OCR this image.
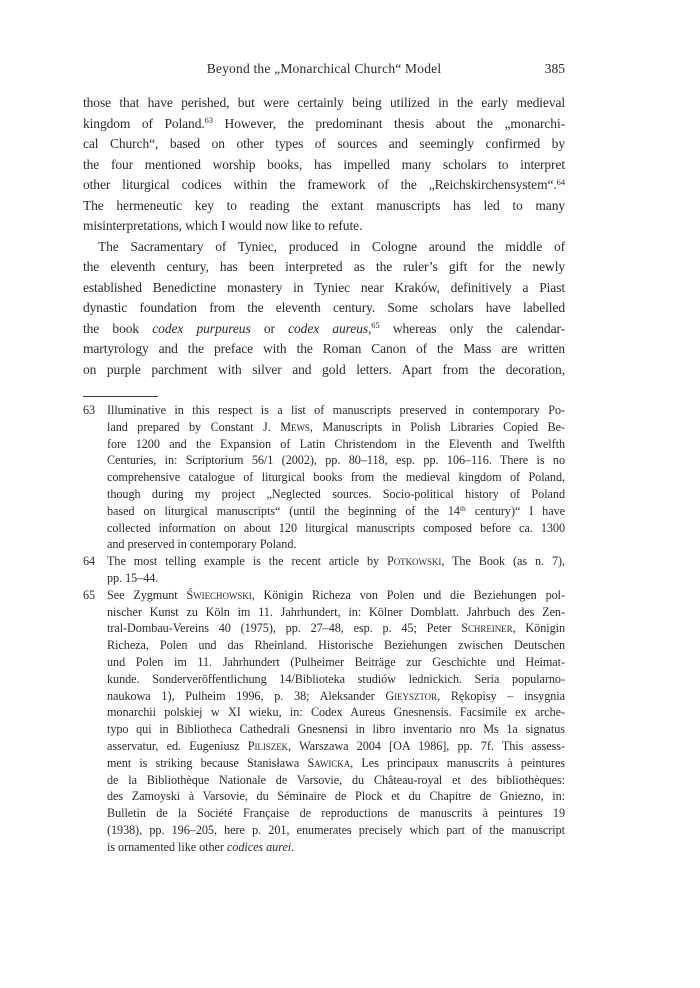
Beyond the „Monarchical Church“ Model	385
those that have perished, but were certainly being utilized in the early medieval
kingdom of Poland.$^{63}$ However, the predominant thesis about the „monarchi-
cal Church“, based on other types of sources and seemingly confirmed by
the four mentioned worship books, has impelled many scholars to interpret
other liturgical codices within the framework of the „Reichskirchensystem“.$^{64}$
The hermeneutic key to reading the extant manuscripts has led to many
misinterpretations, which I would now like to refute.
The Sacramentary of Tyniec, produced in Cologne around the middle of
the eleventh century, has been interpreted as the ruler’s gift for the newly
established Benedictine monastery in Tyniec near Kraków, definitively a Piast
dynastic foundation from the eleventh century. Some scholars have labelled
the book codex purpureus or codex aureus,$^{65}$ whereas only the calendar-
martyrology and the preface with the Roman Canon of the Mass are written
on purple parchment with silver and gold letters. Apart from the decoration,
63 Illuminative in this respect is a list of manuscripts preserved in contemporary Po-
land prepared by Constant J. Mews, Manuscripts in Polish Libraries Copied Be-
fore 1200 and the Expansion of Latin Christendom in the Eleventh and Twelfth
Centuries, in: Scriptorium 56/1 (2002), pp. 80–118, esp. pp. 106–116. There is no
comprehensive catalogue of liturgical books from the medieval kingdom of Poland,
though during my project „Neglected sources. Socio-political history of Poland
based on liturgical manuscripts“ (until the beginning of the 14th century)“ I have
collected information on about 120 liturgical manuscripts composed before ca. 1300
and preserved in contemporary Poland.
64 The most telling example is the recent article by Potkowski, The Book (as n. 7),
pp. 15–44.
65 See Zygmunt Świechowski, Königin Richeza von Polen und die Beziehungen pol-
nischer Kunst zu Köln im 11. Jahrhundert, in: Kölner Domblatt. Jahrbuch des Zen-
tral-Dombau-Vereins 40 (1975), pp. 27–48, esp. p. 45; Peter Schreiner, Königin
Richeza, Polen und das Rheinland. Historische Beziehungen zwischen Deutschen
und Polen im 11. Jahrhundert (Pulheimer Beiträge zur Geschichte und Heimat-
kunde. Sonderveröffentlichung 14/Biblioteka studiów lednickich. Seria popularno-
naukowa 1), Pulheim 1996, p. 38; Aleksander Gieysztor, Rękopisy – insygnia
monarchii polskiej w XI wieku, in: Codex Aureus Gnesnensis. Facsimile ex arche-
typo qui in Bibliotheca Cathedrali Gnesnensi in libro inventario nro Ms 1a signatus
asservatur, ed. Eugeniusz Piliszek, Warszawa 2004 [OA 1986], pp. 7f. This assess-
ment is striking because Stanisława Sawicka, Les principaux manuscrits à peintures
de la Bibliothèque Nationale de Varsovie, du Château-royal et des bibliothèques:
des Zamoyski à Varsovie, du Séminaire de Plock et du Chapitre de Gniezno, in:
Bulletin de la Société Française de reproductions de manuscrits à peintures 19
(1938), pp. 196–205, here p. 201, enumerates precisely which part of the manuscript
is ornamented like other codices aurei.
